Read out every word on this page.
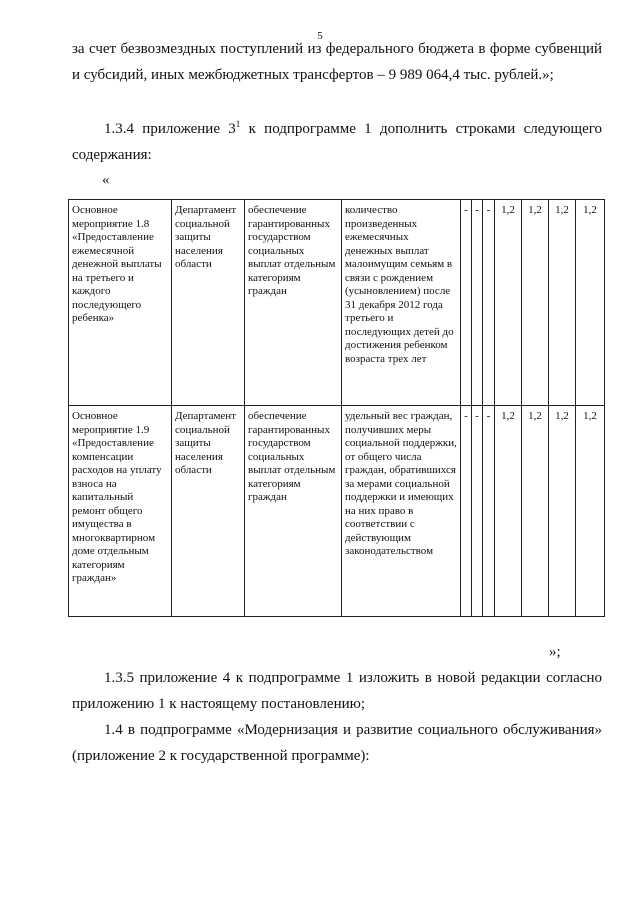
5

за счет безвозмездных поступлений из федерального бюджета в форме субвенций и субсидий, иных межбюджетных трансфертов – 9 989 064,4 тыс. рублей.»;

1.3.4 приложение $3^1$ к подпрограмме 1 дополнить строками следующего содержания:

«
Основное мероприятие 1.8 «Предоставление ежемесячной денежной выплаты на третьего и каждого последующего ребенка»	Департамент социальной защиты населения области	обеспечение гарантированных государством социальных выплат отдельным категориям граждан	количество произведенных ежемесячных денежных выплат малоимущим семьям в связи с рождением (усыновлением) после 31 декабря 2012 года третьего и последующих детей до достижения ребенком возраста трех лет	-	-	-	1,2	1,2	1,2	1,2
Основное мероприятие 1.9 «Предоставление компенсации расходов на уплату взноса на капитальный ремонт общего имущества в многоквартирном доме отдельным категориям граждан»	Департамент социальной защиты населения области	обеспечение гарантированных государством социальных выплат отдельным категориям граждан	удельный вес граждан, получивших меры социальной поддержки, от общего числа граждан, обратившихся за мерами социальной поддержки и имеющих на них право в соответствии с действующим законодательством	-	-	-	1,2	1,2	1,2	1,2
»;

1.3.5 приложение 4 к подпрограмме 1 изложить в новой редакции согласно приложению 1 к настоящему постановлению;

1.4 в подпрограмме «Модернизация и развитие социального обслуживания» (приложение 2 к государственной программе):
